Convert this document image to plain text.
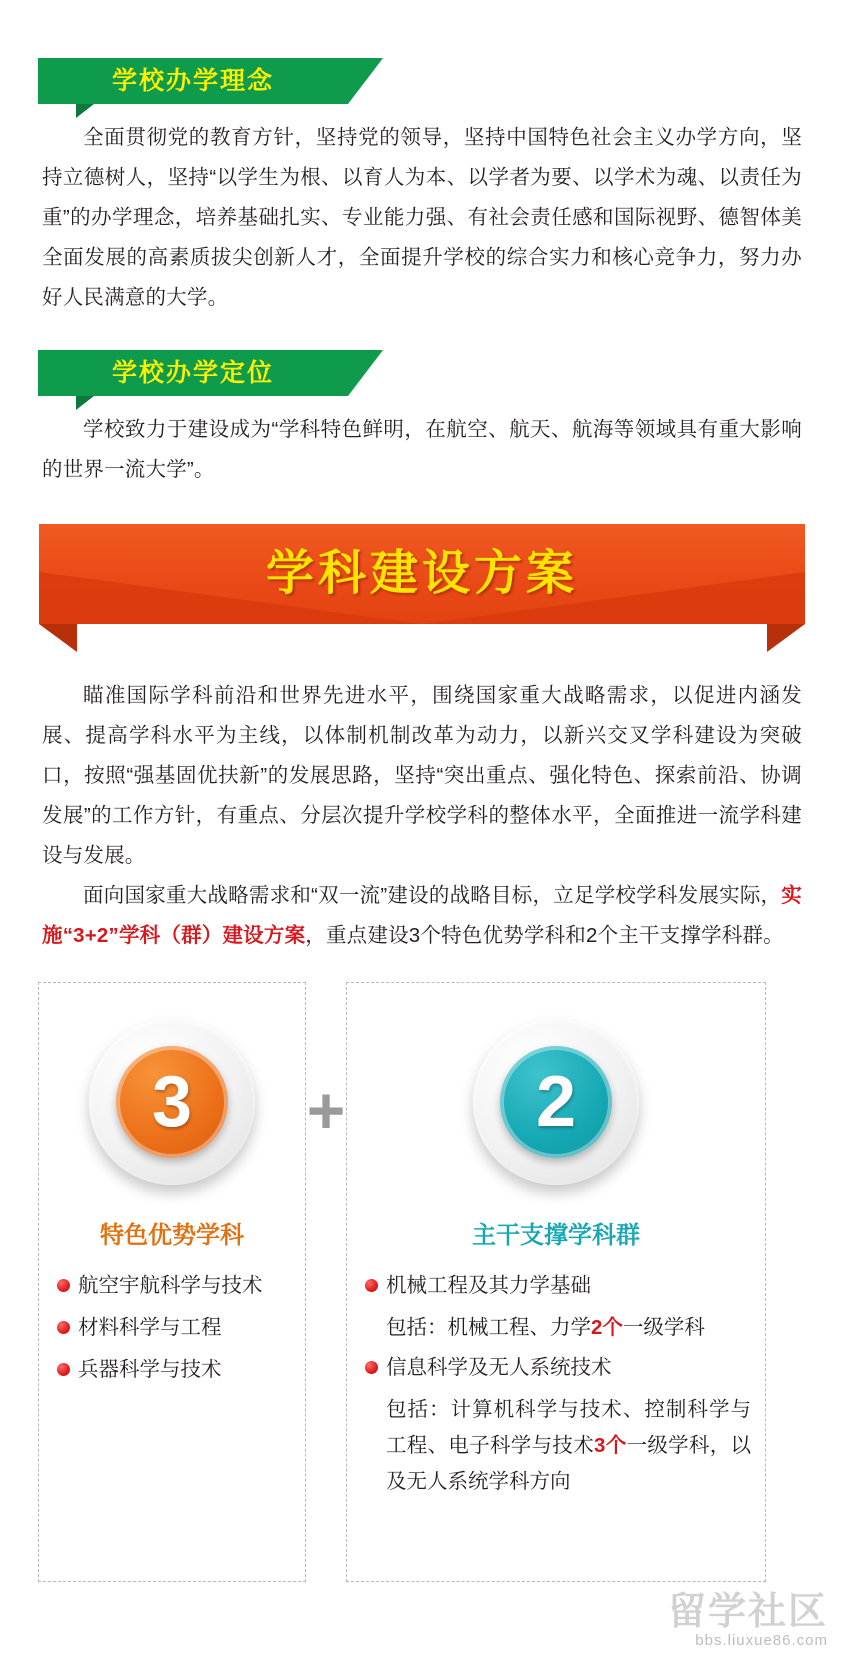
学校办学理念

全面贯彻党的教育方针，坚持党的领导，坚持中国特色社会主义办学方向，坚持立德树人，坚持“以学生为根、以育人为本、以学者为要、以学术为魂、以责任为重”的办学理念，培养基础扎实、专业能力强、有社会责任感和国际视野、德智体美全面发展的高素质拔尖创新人才，全面提升学校的综合实力和核心竞争力，努力办好人民满意的大学。

学校办学定位

学校致力于建设成为“学科特色鲜明，在航空、航天、航海等领域具有重大影响的世界一流大学”。

学科建设方案

瞄准国际学科前沿和世界先进水平，围绕国家重大战略需求，以促进内涵发展、提高学科水平为主线，以体制机制改革为动力，以新兴交叉学科建设为突破口，按照“强基固优扶新”的发展思路，坚持“突出重点、强化特色、探索前沿、协调发展”的工作方针，有重点、分层次提升学校学科的整体水平，全面推进一流学科建设与发展。

面向国家重大战略需求和“双一流”建设的战略目标，立足学校学科发展实际，实施“3+2”学科（群）建设方案，重点建设3个特色优势学科和2个主干支撑学科群。

3
特色优势学科
航空宇航科学与技术
材料科学与工程
兵器科学与技术
+	2
主干支撑学科群
机械工程及其力学基础
包括：机械工程、力学2个一级学科
信息科学及无人系统技术
包括：计算机科学与技术、控制科学与工程、电子科学与技术3个一级学科，以及无人系统学科方向
留学社区
bbs.liuxue86.com
